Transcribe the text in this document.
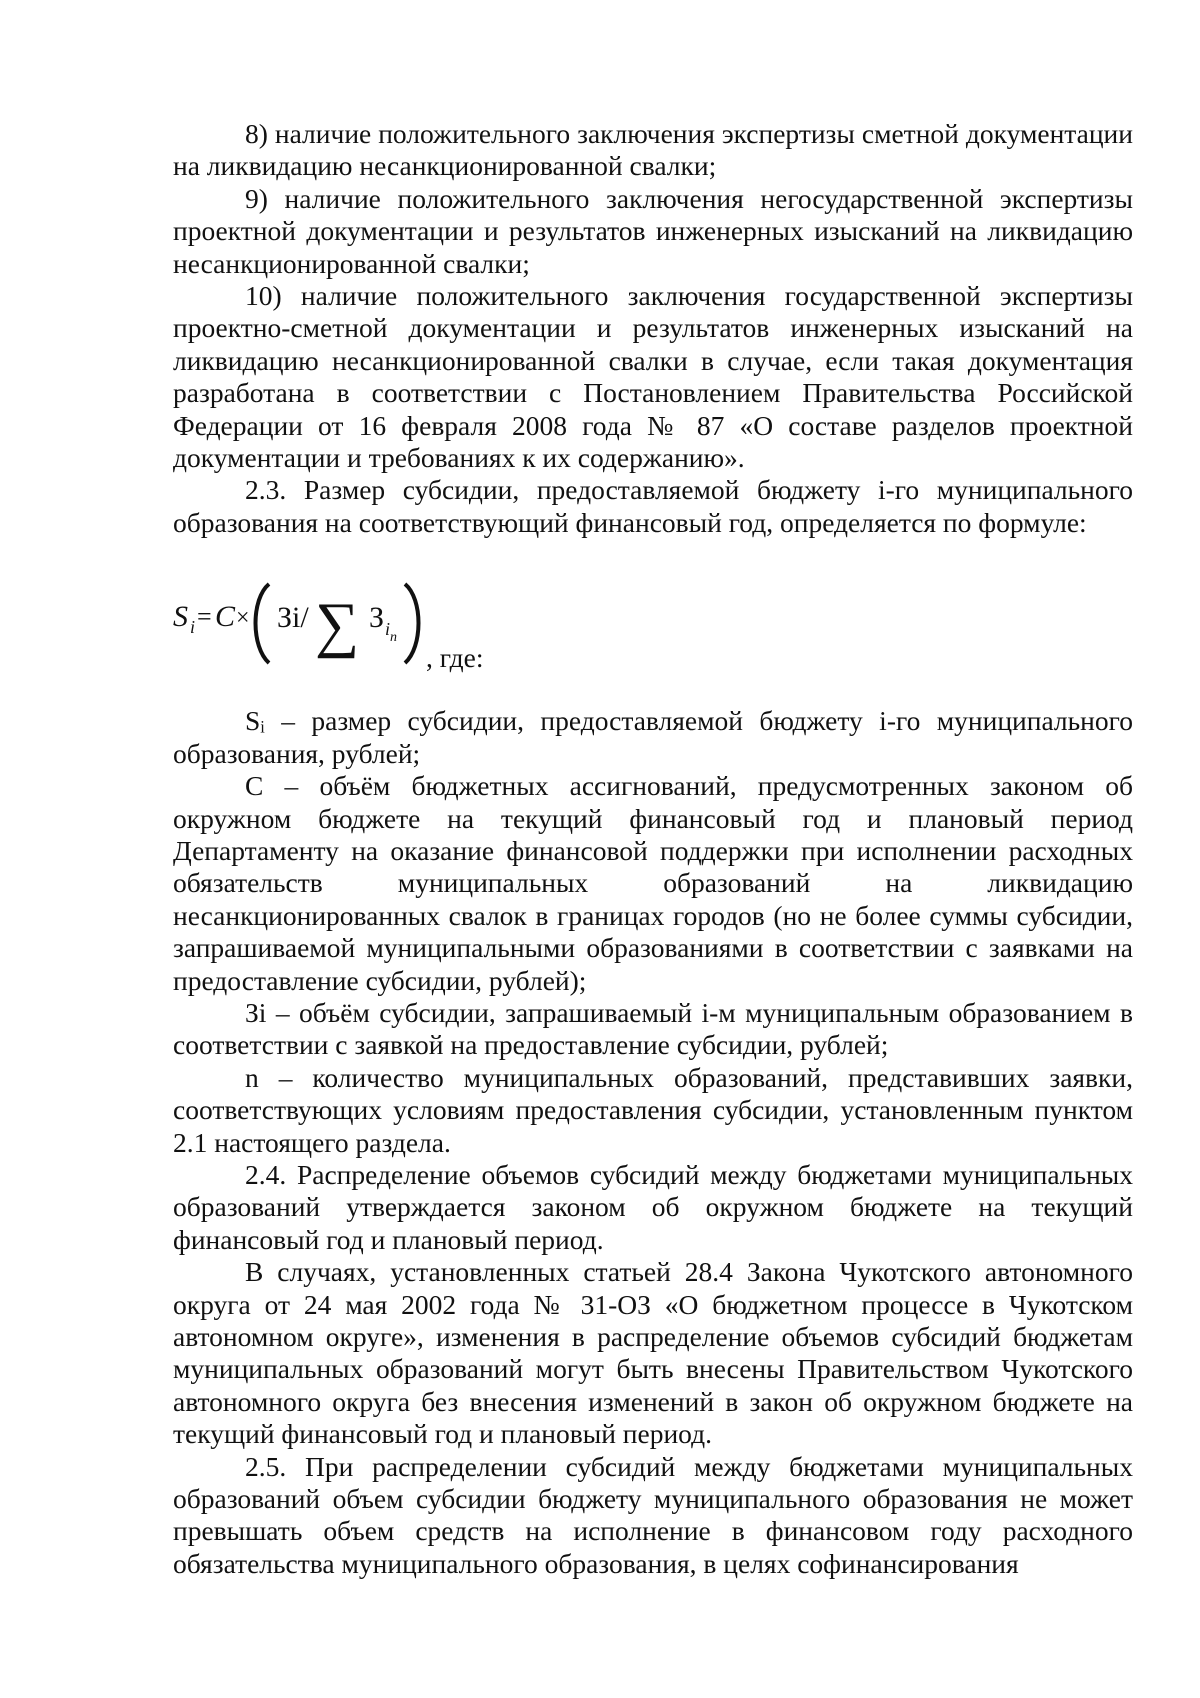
8) наличие положительного заключения экспертизы сметной документации на ликвидацию несанкционированной свалки;

9) наличие положительного заключения негосударственной экспертизы проектной документации и результатов инженерных изысканий на ликвидацию несанкционированной свалки;

10) наличие положительного заключения государственной экспертизы проектно-сметной документации и результатов инженерных изысканий на ликвидацию несанкционированной свалки в случае, если такая документация разработана в соответствии с Постановлением Правительства Российской Федерации от 16 февраля 2008 года № 87 «О составе разделов проектной документации и требованиях к их содержанию».

2.3. Размер субсидии, предоставляемой бюджету i-го муниципального образования на соответствующий финансовый год, определяется по формуле:

S i = C × Зi/ ∑ З i n
, где:

Sᵢ – размер субсидии, предоставляемой бюджету i-го муниципального образования, рублей;

C – объём бюджетных ассигнований, предусмотренных законом об окружном бюджете на текущий финансовый год и плановый период Департаменту на оказание финансовой поддержки при исполнении расходных обязательств муниципальных образований на ликвидацию несанкционированных свалок в границах городов (но не более суммы субсидии, запрашиваемой муниципальными образованиями в соответствии с заявками на предоставление субсидии, рублей);

Зi – объём субсидии, запрашиваемый i-м муниципальным образованием в соответствии с заявкой на предоставление субсидии, рублей;

n – количество муниципальных образований, представивших заявки, соответствующих условиям предоставления субсидии, установленным пунктом 2.1 настоящего раздела.

2.4. Распределение объемов субсидий между бюджетами муниципальных образований утверждается законом об окружном бюджете на текущий финансовый год и плановый период.

В случаях, установленных статьей 28.4 Закона Чукотского автономного округа от 24 мая 2002 года № 31-ОЗ «О бюджетном процессе в Чукотском автономном округе», изменения в распределение объемов субсидий бюджетам муниципальных образований могут быть внесены Правительством Чукотского автономного округа без внесения изменений в закон об окружном бюджете на текущий финансовый год и плановый период.

2.5. При распределении субсидий между бюджетами муниципальных образований объем субсидии бюджету муниципального образования не может превышать объем средств на исполнение в финансовом году расходного обязательства муниципального образования, в целях софинансирования
